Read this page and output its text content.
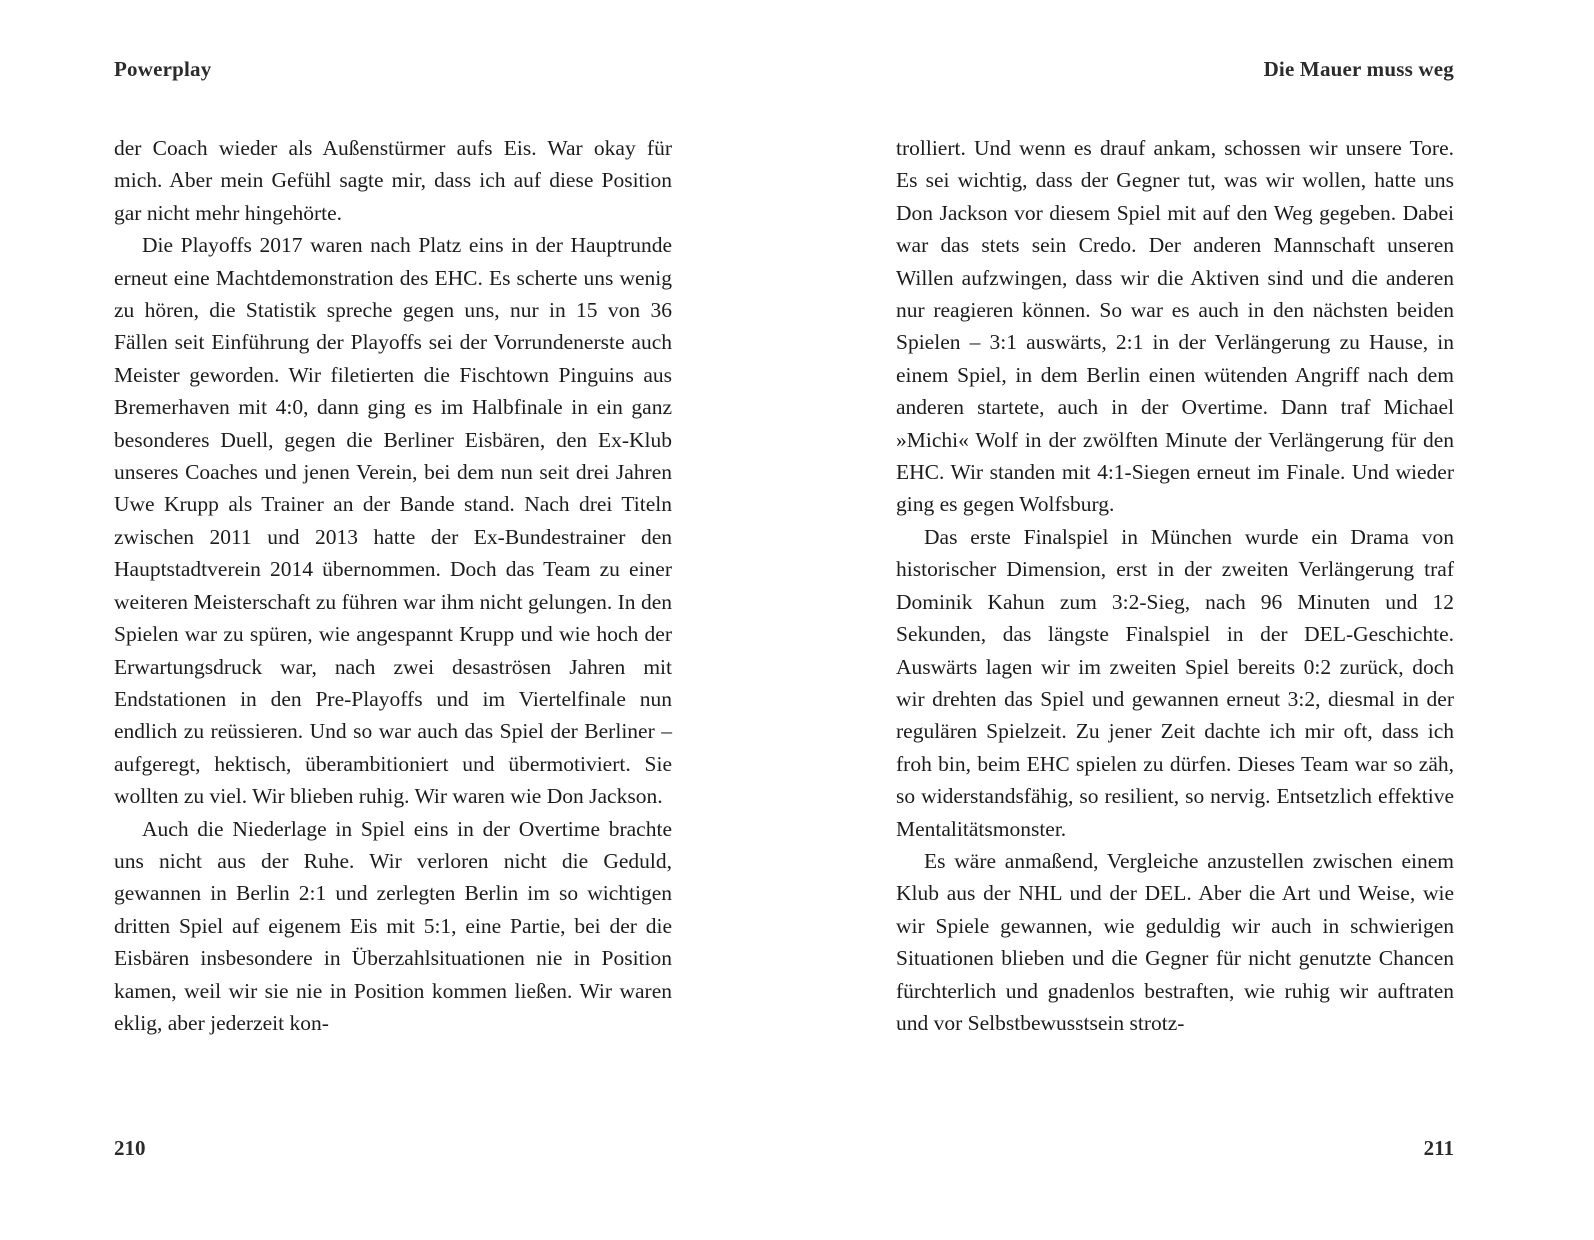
Powerplay

der Coach wieder als Außenstürmer aufs Eis. War okay für mich. Aber mein Gefühl sagte mir, dass ich auf diese Position gar nicht mehr hingehörte.

Die Playoffs 2017 waren nach Platz eins in der Hauptrunde erneut eine Machtdemonstration des EHC. Es scherte uns wenig zu hören, die Statistik spreche gegen uns, nur in 15 von 36 Fällen seit Einführung der Playoffs sei der Vorrundenerste auch Meister geworden. Wir filetierten die Fischtown Pinguins aus Bremerhaven mit 4:0, dann ging es im Halbfinale in ein ganz besonderes Duell, gegen die Berliner Eisbären, den Ex-Klub unseres Coaches und jenen Verein, bei dem nun seit drei Jahren Uwe Krupp als Trainer an der Bande stand. Nach drei Titeln zwischen 2011 und 2013 hatte der Ex-Bundestrainer den Hauptstadtverein 2014 übernommen. Doch das Team zu einer weiteren Meisterschaft zu führen war ihm nicht gelungen. In den Spielen war zu spüren, wie angespannt Krupp und wie hoch der Erwartungsdruck war, nach zwei desaströsen Jahren mit Endstationen in den Pre-Playoffs und im Viertelfinale nun endlich zu reüssieren. Und so war auch das Spiel der Berliner – aufgeregt, hektisch, überambitioniert und übermotiviert. Sie wollten zu viel. Wir blieben ruhig. Wir waren wie Don Jackson.

Auch die Niederlage in Spiel eins in der Overtime brachte uns nicht aus der Ruhe. Wir verloren nicht die Geduld, gewannen in Berlin 2:1 und zerlegten Berlin im so wichtigen dritten Spiel auf eigenem Eis mit 5:1, eine Partie, bei der die Eisbären insbesondere in Überzahlsituationen nie in Position kamen, weil wir sie nie in Position kommen ließen. Wir waren eklig, aber jederzeit kon-

Die Mauer muss weg

trolliert. Und wenn es drauf ankam, schossen wir unsere Tore. Es sei wichtig, dass der Gegner tut, was wir wollen, hatte uns Don Jackson vor diesem Spiel mit auf den Weg gegeben. Dabei war das stets sein Credo. Der anderen Mannschaft unseren Willen aufzwingen, dass wir die Aktiven sind und die anderen nur reagieren können. So war es auch in den nächsten beiden Spielen – 3:1 auswärts, 2:1 in der Verlängerung zu Hause, in einem Spiel, in dem Berlin einen wütenden Angriff nach dem anderen startete, auch in der Overtime. Dann traf Michael »Michi« Wolf in der zwölften Minute der Verlängerung für den EHC. Wir standen mit 4:1-Siegen erneut im Finale. Und wieder ging es gegen Wolfsburg.

Das erste Finalspiel in München wurde ein Drama von historischer Dimension, erst in der zweiten Verlängerung traf Dominik Kahun zum 3:2-Sieg, nach 96 Minuten und 12 Sekunden, das längste Finalspiel in der DEL-Geschichte. Auswärts lagen wir im zweiten Spiel bereits 0:2 zurück, doch wir drehten das Spiel und gewannen erneut 3:2, diesmal in der regulären Spielzeit. Zu jener Zeit dachte ich mir oft, dass ich froh bin, beim EHC spielen zu dürfen. Dieses Team war so zäh, so widerstandsfähig, so resilient, so nervig. Entsetzlich effektive Mentalitätsmonster.

Es wäre anmaßend, Vergleiche anzustellen zwischen einem Klub aus der NHL und der DEL. Aber die Art und Weise, wie wir Spiele gewannen, wie geduldig wir auch in schwierigen Situationen blieben und die Gegner für nicht genutzte Chancen fürchterlich und gnadenlos bestraften, wie ruhig wir auftraten und vor Selbstbewusstsein strotz-

210	211
